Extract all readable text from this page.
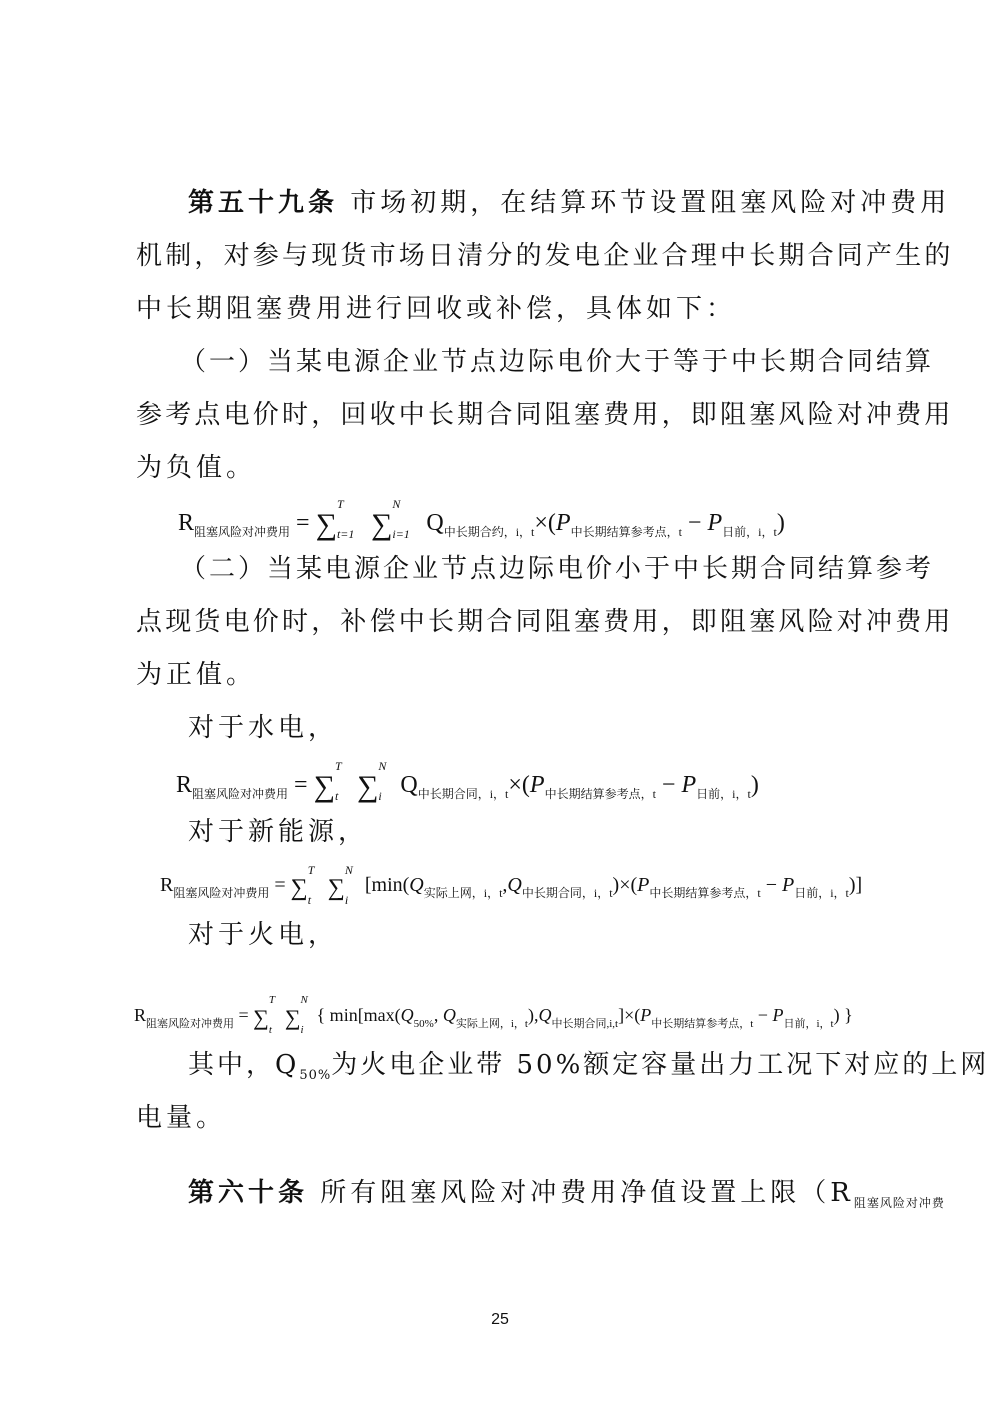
第五十九条 市场初期，在结算环节设置阻塞风险对冲费用
机制，对参与现货市场日清分的发电企业合理中长期合同产生的
中长期阻塞费用进行回收或补偿，具体如下：
（一）当某电源企业节点边际电价大于等于中长期合同结算
参考点电价时，回收中长期合同阻塞费用，即阻塞风险对冲费用
为负值。
$R_{阻塞风险对冲费用}$ = ∑
T
t=1 ∑
N
i=1 $Q_{中长期合约,i,t}\times(P_{中长期结算参考点,t} - P_{日前,i,t})$
（二）当某电源企业节点边际电价小于中长期合同结算参考
点现货电价时，补偿中长期合同阻塞费用，即阻塞风险对冲费用
为正值。
对于水电，
$R_{阻塞风险对冲费用}$ = ∑
T
t ∑
N
i $Q_{中长期合同,i,t}\times(P_{中长期结算参考点,t} - P_{日前,i,t})$
对于新能源，
$R_{阻塞风险对冲费用}$ = ∑
T
t ∑
N
i
$[\min(Q_{实际上网,i,t},Q_{中长期合同,i,t})\times(P_{中长期结算参考点,t} - P_{日前,i,t})]$
对于火电，
$R_{阻塞风险对冲费用}$ = ∑
T
t ∑
N
i
{ $\min[\max(Q_{50\%}$, $Q_{实际上网,i,t}),Q_{中长期合同,i,t}]\times(P_{中长期结算参考点,t} - P_{日前,i,t})$ }
其中，$Q_{50\%}$为火电企业带 50%额定容量出力工况下对应的上网
电量。
第六十条 所有阻塞风险对冲费用净值设置上限（$R_{阻塞风险对冲费}$
25
